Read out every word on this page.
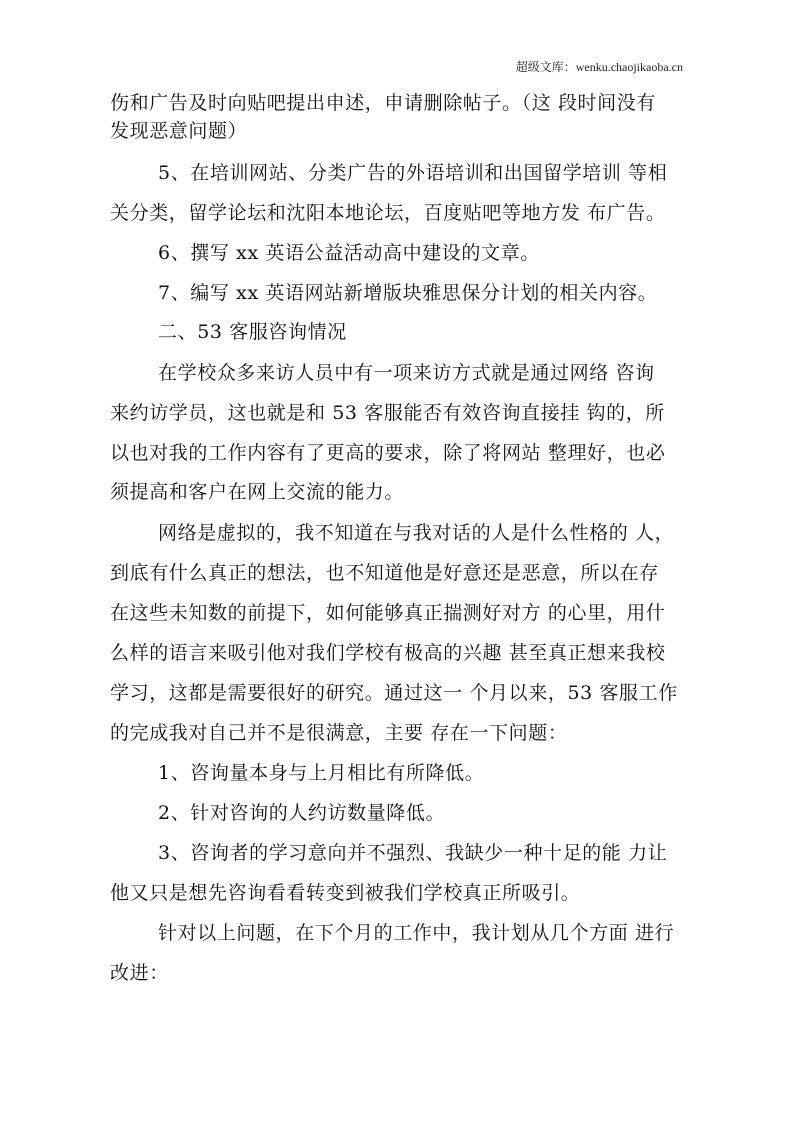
超级文库：wenku.chaojikaoba.cn
伤和广告及时向贴吧提出申述，申请删除帖子。（这 段时间没有
发现恶意问题）
5、在培训网站、分类广告的外语培训和出国留学培训 等相
关分类，留学论坛和沈阳本地论坛，百度贴吧等地方发 布广告。
6、撰写 xx 英语公益活动高中建设的文章。
7、编写 xx 英语网站新增版块雅思保分计划的相关内容。
二、53 客服咨询情况
在学校众多来访人员中有一项来访方式就是通过网络 咨询
来约访学员，这也就是和 53 客服能否有效咨询直接挂 钩的，所
以也对我的工作内容有了更高的要求，除了将网站 整理好，也必
须提高和客户在网上交流的能力。
网络是虚拟的，我不知道在与我对话的人是什么性格的 人，
到底有什么真正的想法，也不知道他是好意还是恶意，所以在存
在这些未知数的前提下，如何能够真正揣测好对方 的心里，用什
么样的语言来吸引他对我们学校有极高的兴趣 甚至真正想来我校
学习，这都是需要很好的研究。通过这一 个月以来，53 客服工作
的完成我对自己并不是很满意，主要 存在一下问题：
1、咨询量本身与上月相比有所降低。
2、针对咨询的人约访数量降低。
3、咨询者的学习意向并不强烈、我缺少一种十足的能 力让
他又只是想先咨询看看转变到被我们学校真正所吸引。
针对以上问题，在下个月的工作中，我计划从几个方面 进行
改进：
